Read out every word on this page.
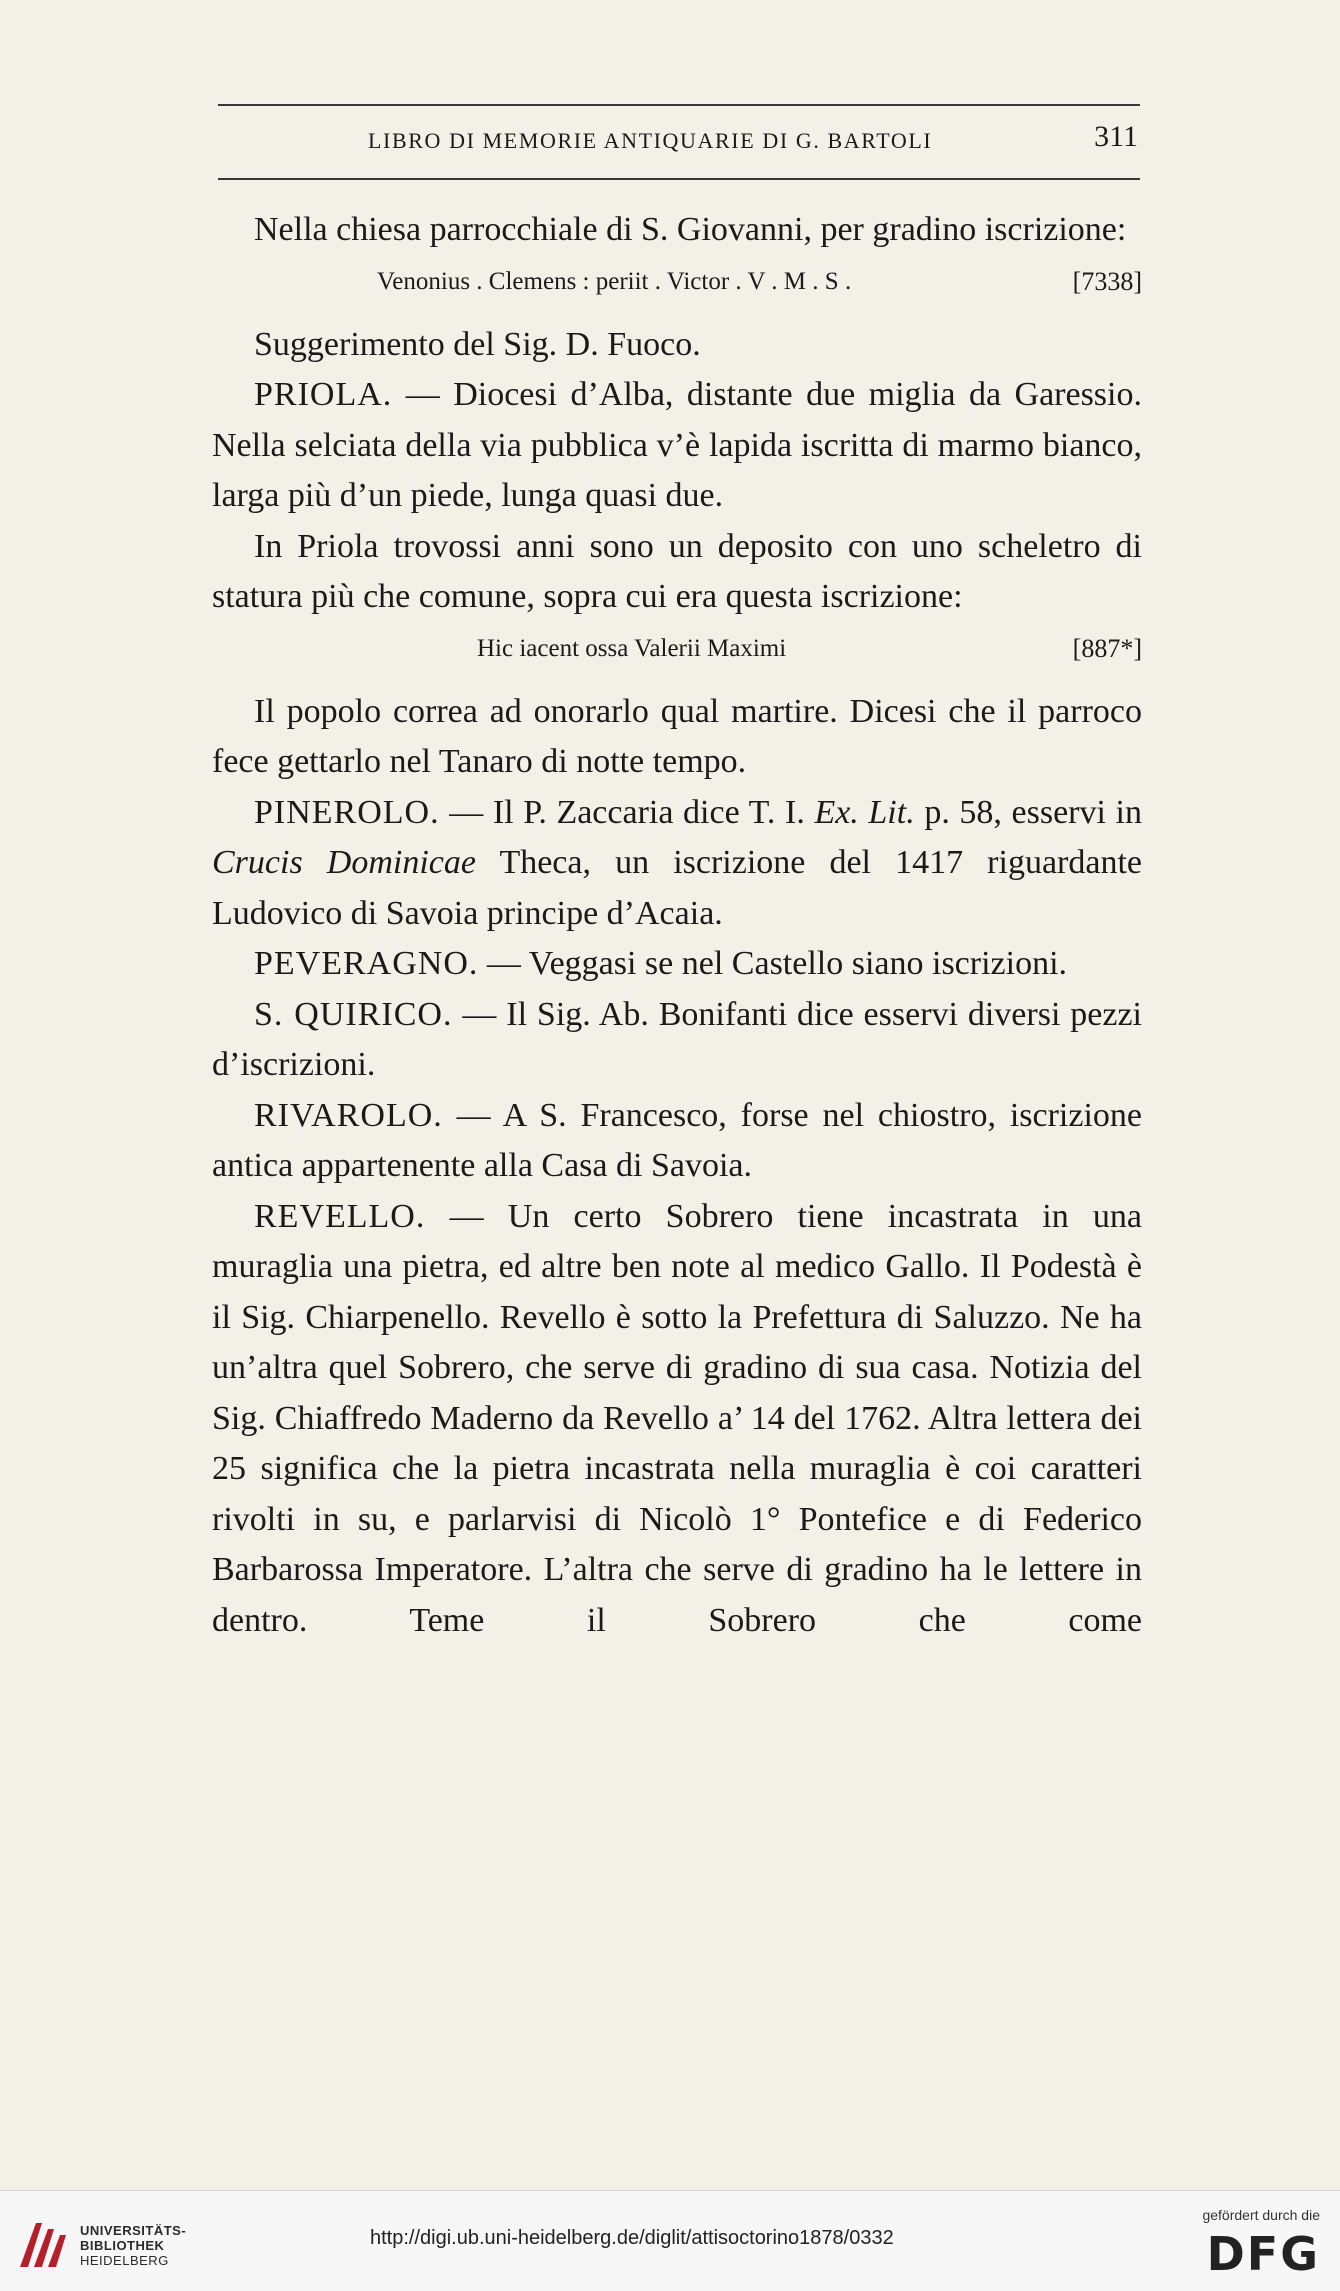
LIBRO DI MEMORIE ANTIQUARIE DI G. BARTOLI	311

Nella chiesa parrocchiale di S. Giovanni, per gradino iscrizione:

Venonius . Clemens : periit . Victor . V . M . S .	[7338]

Suggerimento del Sig. D. Fuoco.

PRIOLA. — Diocesi d’Alba, distante due miglia da Garessio. Nella selciata della via pubblica v’è lapida iscritta di marmo bianco, larga più d’un piede, lunga quasi due.

In Priola trovossi anni sono un deposito con uno scheletro di statura più che comune, sopra cui era questa iscrizione:

Hic iacent ossa Valerii Maximi	[887*]

Il popolo correa ad onorarlo qual martire. Dicesi che il parroco fece gettarlo nel Tanaro di notte tempo.

PINEROLO. — Il P. Zaccaria dice T. I. Ex. Lit. p. 58, esservi in Crucis Dominicae Theca, un iscrizione del 1417 riguardante Ludovico di Savoia principe d’Acaia.

PEVERAGNO. — Veggasi se nel Castello siano iscrizioni.

S. QUIRICO. — Il Sig. Ab. Bonifanti dice esservi diversi pezzi d’iscrizioni.

RIVAROLO. — A S. Francesco, forse nel chiostro, iscrizione antica appartenente alla Casa di Savoia.

REVELLO. — Un certo Sobrero tiene incastrata in una muraglia una pietra, ed altre ben note al medico Gallo. Il Podestà è il Sig. Chiarpenello. Revello è sotto la Prefettura di Saluzzo. Ne ha un’altra quel Sobrero, che serve di gradino di sua casa. Notizia del Sig. Chiaffredo Maderno da Revello a’ 14 del 1762. Altra lettera dei 25 significa che la pietra incastrata nella muraglia è coi caratteri rivolti in su, e parlarvisi di Nicolò 1° Pontefice e di Federico Barbarossa Imperatore. L’altra che serve di gradino ha le lettere in dentro. Teme il Sobrero che come

UNIVERSITÄTS-
BIBLIOTHEK
HEIDELBERG
http://digi.ub.uni-heidelberg.de/diglit/attisoctorino1878/0332
gefördert durch die
DFG
